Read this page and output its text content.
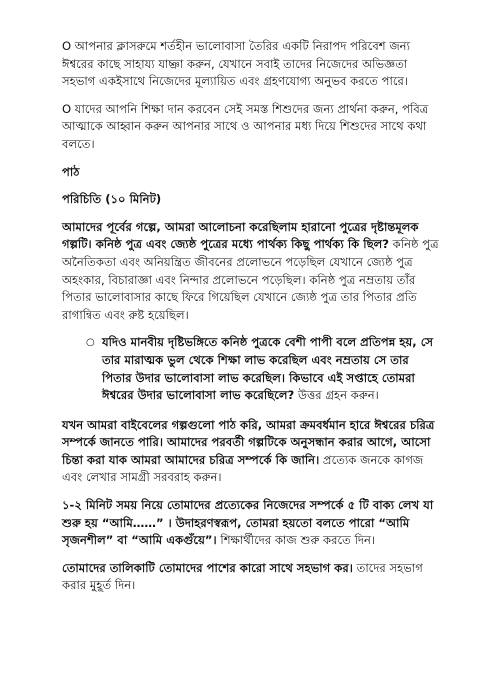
O আপনার ক্লাসরুমে শর্তহীন ভালোবাসা তৈরির একটি নিরাপদ পরিবেশ জন্য ঈশ্বরের কাছে সাহায্য যাচ্ঞা করুন, যেখানে সবাই তাদের নিজেদের অভিজ্ঞতা সহভাগ একইসাথে নিজেদের মূল্যায়িত এবং গ্রহণযোগ্য অনুভব করতে পারে।

O যাদের আপনি শিক্ষা দান করবেন সেই সমস্ত শিশুদের জন্য প্রার্থনা করুন, পবিত্র আত্মাকে আহ্বান করুন আপনার সাথে ও আপনার মধ্য দিয়ে শিশুদের সাথে কথা বলতে।

পাঠ

পরিচিতি (১০ মিনিট)

আমাদের পূর্বের গল্পে, আমরা আলোচনা করেছিলাম হারানো পুত্রের দৃষ্টান্তমূলক গল্পটি। কনিষ্ঠ পুত্র এবং জ্যেষ্ঠ পুত্রের মধ্যে পার্থক্য কিছু পার্থক্য কি ছিল? কনিষ্ঠ পুত্র অনৈতিকতা এবং অনিয়ন্ত্রিত জীবনের প্রলোভনে পড়েছিল যেখানে জ্যেষ্ঠ পুত্র অহংকার, বিচারাজ্ঞা এবং নিন্দার প্রলোভনে পড়েছিল। কনিষ্ঠ পুত্র নম্রতায় তাঁর পিতার ভালোবাসার কাছে ফিরে গিয়েছিল যেখানে জ্যেষ্ঠ পুত্র তার পিতার প্রতি রাগান্বিত এবং রুষ্ট হয়েছিল।

○ যদিও মানবীয় দৃষ্টিভঙ্গিতে কনিষ্ঠ পুত্রকে বেশী পাপী বলে প্রতিপন্ন হয়, সে তার মারাত্মক ভুল থেকে শিক্ষা লাভ করেছিল এবং নম্রতায় সে তার পিতার উদার ভালোবাসা লাভ করেছিল। কিভাবে এই সপ্তাহে তোমরা ঈশ্বরের উদার ভালোবাসা লাভ করেছিলে? উত্তর গ্রহন করুন।

যখন আমরা বাইবেলের গল্পগুলো পাঠ করি, আমরা ক্রমবর্ধমান হারে ঈশ্বরের চরিত্র সম্পর্কে জানতে পারি। আমাদের পরবর্তী গল্পটিকে অনুসন্ধান করার আগে, আসো চিন্তা করা যাক আমরা আমাদের চরিত্র সম্পর্কে কি জানি। প্রত্যেক জনকে কাগজ এবং লেখার সামগ্রী সরবরাহ করুন।

১-২ মিনিট সময় নিয়ে তোমাদের প্রত্যেকের নিজেদের সম্পর্কে ৫ টি বাক্য লেখ যা শুরু হয় “আমি……” । উদাহরণস্বরূপ, তোমরা হয়তো বলতে পারো “আমি সৃজনশীল” বা “আমি একগুঁয়ে”। শিক্ষার্থীদের কাজ শুরু করতে দিন।

তোমাদের তালিকাটি তোমাদের পাশের কারো সাথে সহভাগ কর। তাদের সহভাগ করার মুহূর্ত দিন।
